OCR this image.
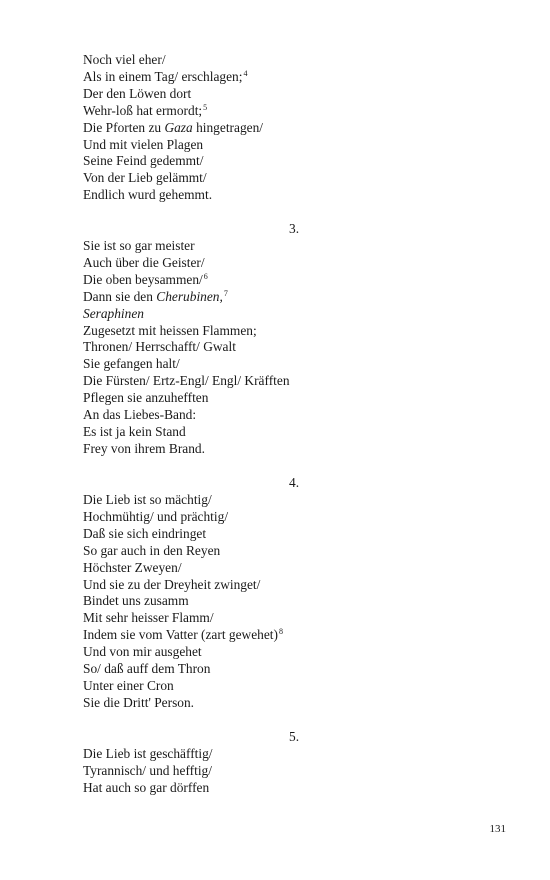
Noch viel eher/
Als in einem Tag/ erschlagen;$^4$
Der den Löwen dort
Wehr-loß hat ermordt;$^5$
Die Pforten zu Gaza hingetragen/
Und mit vielen Plagen
Seine Feind gedemmt/
Von der Lieb gelämmt/
Endlich wurd gehemmt.
3.
Sie ist so gar meister
Auch über die Geister/
Die oben beysammen/$^6$
Dann sie den Cherubinen,$^7$
Seraphinen
Zugesetzt mit heissen Flammen;
Thronen/ Herrschafft/ Gwalt
Sie gefangen halt/
Die Fürsten/ Ertz-Engl/ Engl/ Kräfften
Pflegen sie anzuhefften
An das Liebes-Band:
Es ist ja kein Stand
Frey von ihrem Brand.
4.
Die Lieb ist so mächtig/
Hochmühtig/ und prächtig/
Daß sie sich eindringet
So gar auch in den Reyen
Höchster Zweyen/
Und sie zu der Dreyheit zwinget/
Bindet uns zusamm
Mit sehr heisser Flamm/
Indem sie vom Vatter (zart gewehet)$^8$
Und von mir ausgehet
So/ daß auff dem Thron
Unter einer Cron
Sie die Dritt' Person.
5.
Die Lieb ist geschäfftig/
Tyrannisch/ und hefftig/
Hat auch so gar dörffen
131
